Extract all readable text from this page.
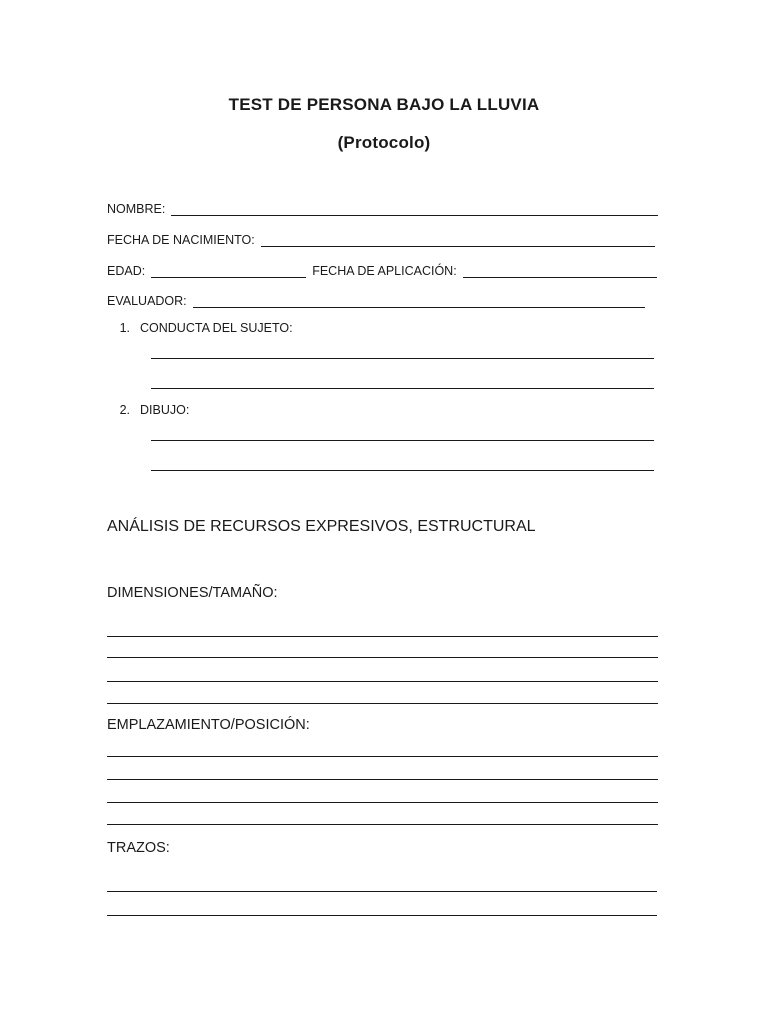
TEST DE PERSONA BAJO LA LLUVIA
(Protocolo)
NOMBRE:
FECHA DE NACIMIENTO:
EDAD:	FECHA DE APLICACIÓN:
EVALUADOR:
1. CONDUCTA DEL SUJETO:
2. DIBUJO:
ANÁLISIS DE RECURSOS EXPRESIVOS, ESTRUCTURAL
DIMENSIONES/TAMAÑO:
EMPLAZAMIENTO/POSICIÓN:
TRAZOS:
